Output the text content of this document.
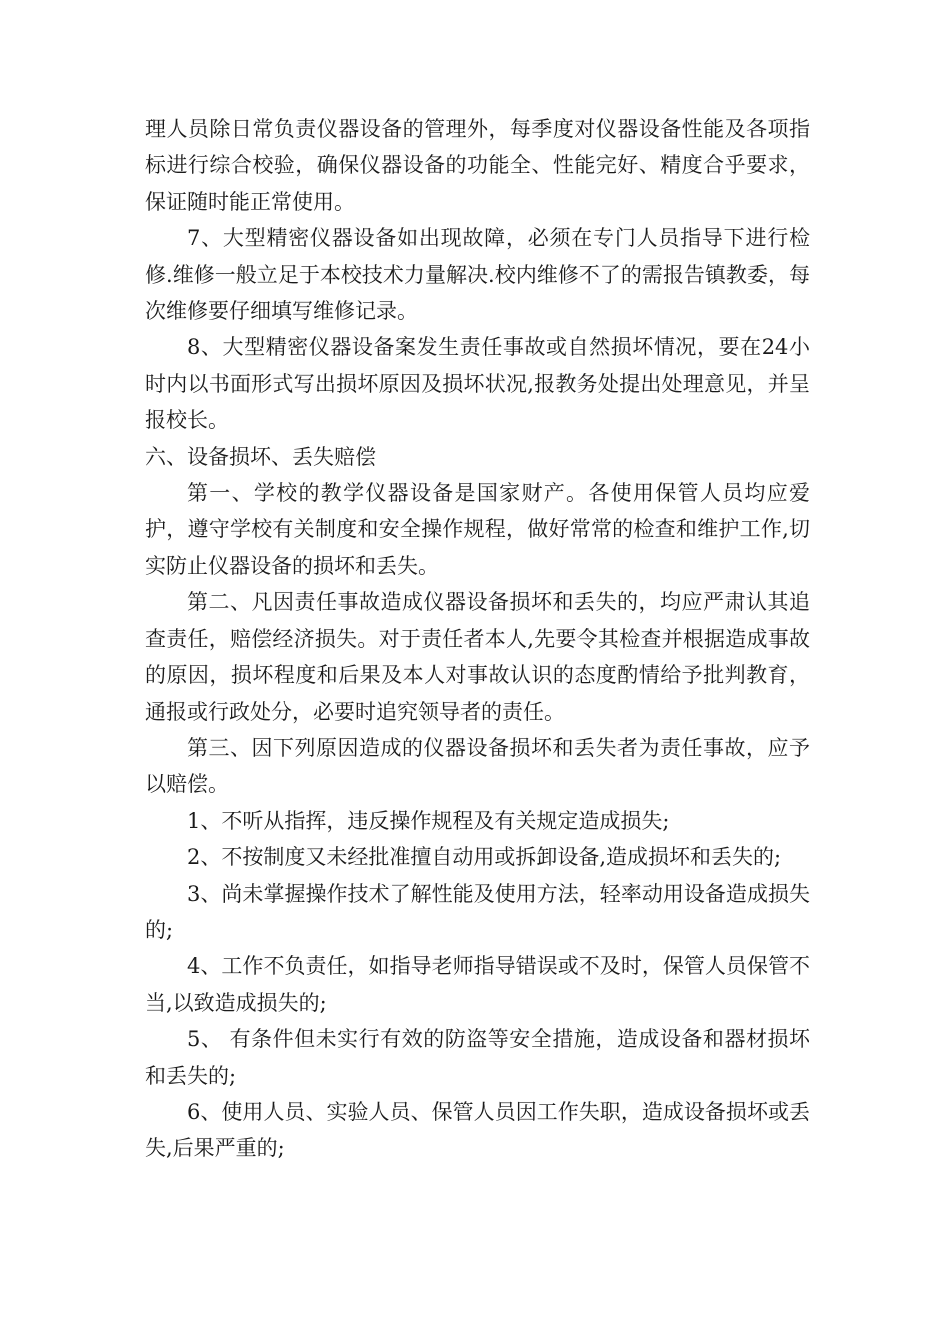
理人员除日常负责仪器设备的管理外，每季度对仪器设备性能及各项指标进行综合校验，确保仪器设备的功能全、性能完好、精度合乎要求，保证随时能正常使用。

7、大型精密仪器设备如出现故障，必须在专门人员指导下进行检修.维修一般立足于本校技术力量解决.校内维修不了的需报告镇教委，每次维修要仔细填写维修记录。

8、大型精密仪器设备案发生责任事故或自然损坏情况，要在24小时内以书面形式写出损坏原因及损坏状况,报教务处提出处理意见，并呈报校长。

六、设备损坏、丢失赔偿

第一、学校的教学仪器设备是国家财产。各使用保管人员均应爱护，遵守学校有关制度和安全操作规程，做好常常的检查和维护工作,切实防止仪器设备的损坏和丢失。

第二、凡因责任事故造成仪器设备损坏和丢失的，均应严肃认其追查责任，赔偿经济损失。对于责任者本人,先要令其检查并根据造成事故的原因，损坏程度和后果及本人对事故认识的态度酌情给予批判教育，通报或行政处分，必要时追究领导者的责任。

第三、因下列原因造成的仪器设备损坏和丢失者为责任事故，应予以赔偿。

1、不听从指挥，违反操作规程及有关规定造成损失;

2、不按制度又未经批准擅自动用或拆卸设备,造成损坏和丢失的;

3、尚未掌握操作技术了解性能及使用方法，轻率动用设备造成损失的;

4、工作不负责任，如指导老师指导错误或不及时，保管人员保管不当,以致造成损失的;

5、 有条件但未实行有效的防盗等安全措施，造成设备和器材损坏和丢失的;

6、使用人员、实验人员、保管人员因工作失职，造成设备损坏或丢失,后果严重的;
